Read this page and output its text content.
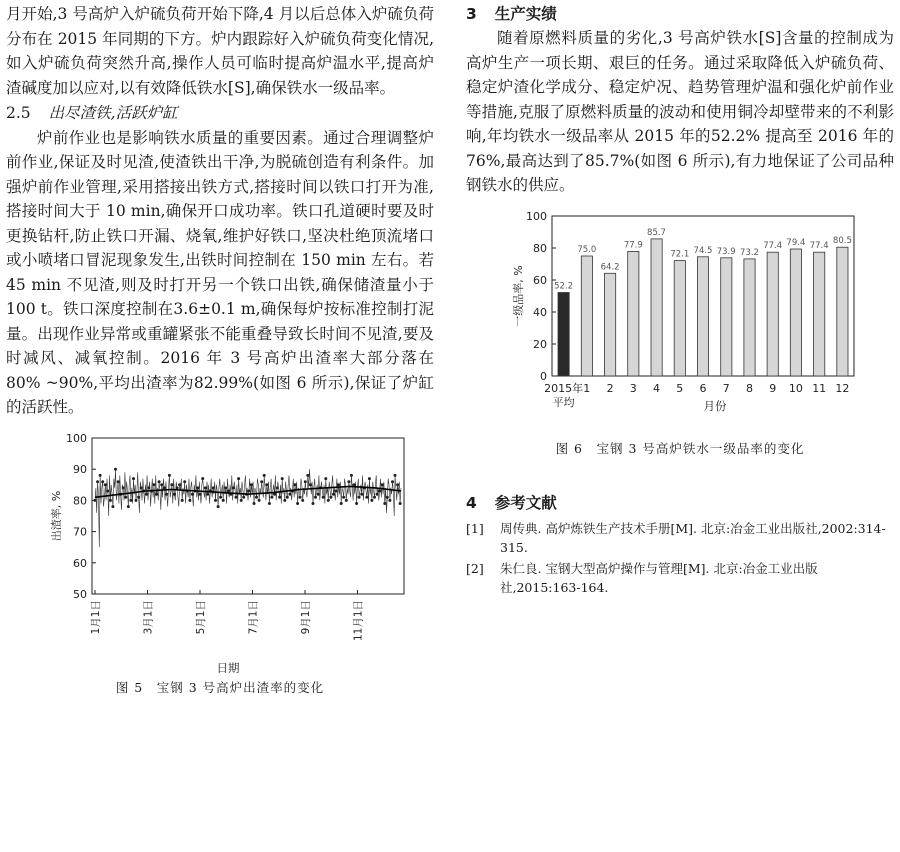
月开始,3 号高炉入炉硫负荷开始下降,4 月以后总体入炉硫负荷分布在 2015 年同期的下方。炉内跟踪好入炉硫负荷变化情况,如入炉硫负荷突然升高,操作人员可临时提高炉温水平,提高炉渣碱度加以应对,以有效降低铁水[S],确保铁水一级品率。

2.5 出尽渣铁,活跃炉缸

炉前作业也是影响铁水质量的重要因素。通过合理调整炉前作业,保证及时见渣,使渣铁出干净,为脱硫创造有利条件。加强炉前作业管理,采用搭接出铁方式,搭接时间以铁口打开为准,搭接时间大于 10 min,确保开口成功率。铁口孔道硬时要及时更换钻杆,防止铁口开漏、烧氧,维护好铁口,坚决杜绝顶流堵口或小喷堵口冒泥现象发生,出铁时间控制在 150 min 左右。若 45 min 不见渣,则及时打开另一个铁口出铁,确保储渣量小于 100 t。铁口深度控制在3.6±0.1 m,确保每炉按标准控制打泥量。出现作业异常或重罐紧张不能重叠导致长时间不见渣,要及时减风、减氧控制。2016 年 3 号高炉出渣率大部分落在 80% ~90%,平均出渣率为82.99%(如图 6 所示),保证了炉缸的活跃性。

50
60
70
80
90
100
出渣率, %
1月1日	3月1日	5月1日	7月1日	9月1日	11月1日
日期

图 5　宝钢 3 号高炉出渣率的变化

3 生产实绩

随着原燃料质量的劣化,3 号高炉铁水[S]含量的控制成为高炉生产一项长期、艰巨的任务。通过采取降低入炉硫负荷、稳定炉渣化学成分、稳定炉况、趋势管理炉温和强化炉前作业等措施,克服了原燃料质量的波动和使用铜冷却壁带来的不利影响,年均铁水一级品率从 2015 年的52.2% 提高至 2016 年的 76%,最高达到了85.7%(如图 6 所示),有力地保证了公司品种钢铁水的供应。

0
20
40
60
80
100
一级品率, %	52.2
2015年
平均
75.0
1
64.2
2
77.9
3
85.7
4
72.1
5
74.5
6
73.9
7
73.2
8
77.4
9
79.4
10
77.4
11
80.5
12
月份

图 6　宝钢 3 号高炉铁水一级品率的变化

4 参考文献
[1]	周传典. 高炉炼铁生产技术手册[M]. 北京:冶金工业出版社,2002:314-315.
[2]	朱仁良. 宝钢大型高炉操作与管理[M]. 北京:冶金工业出版社,2015:163-164.
